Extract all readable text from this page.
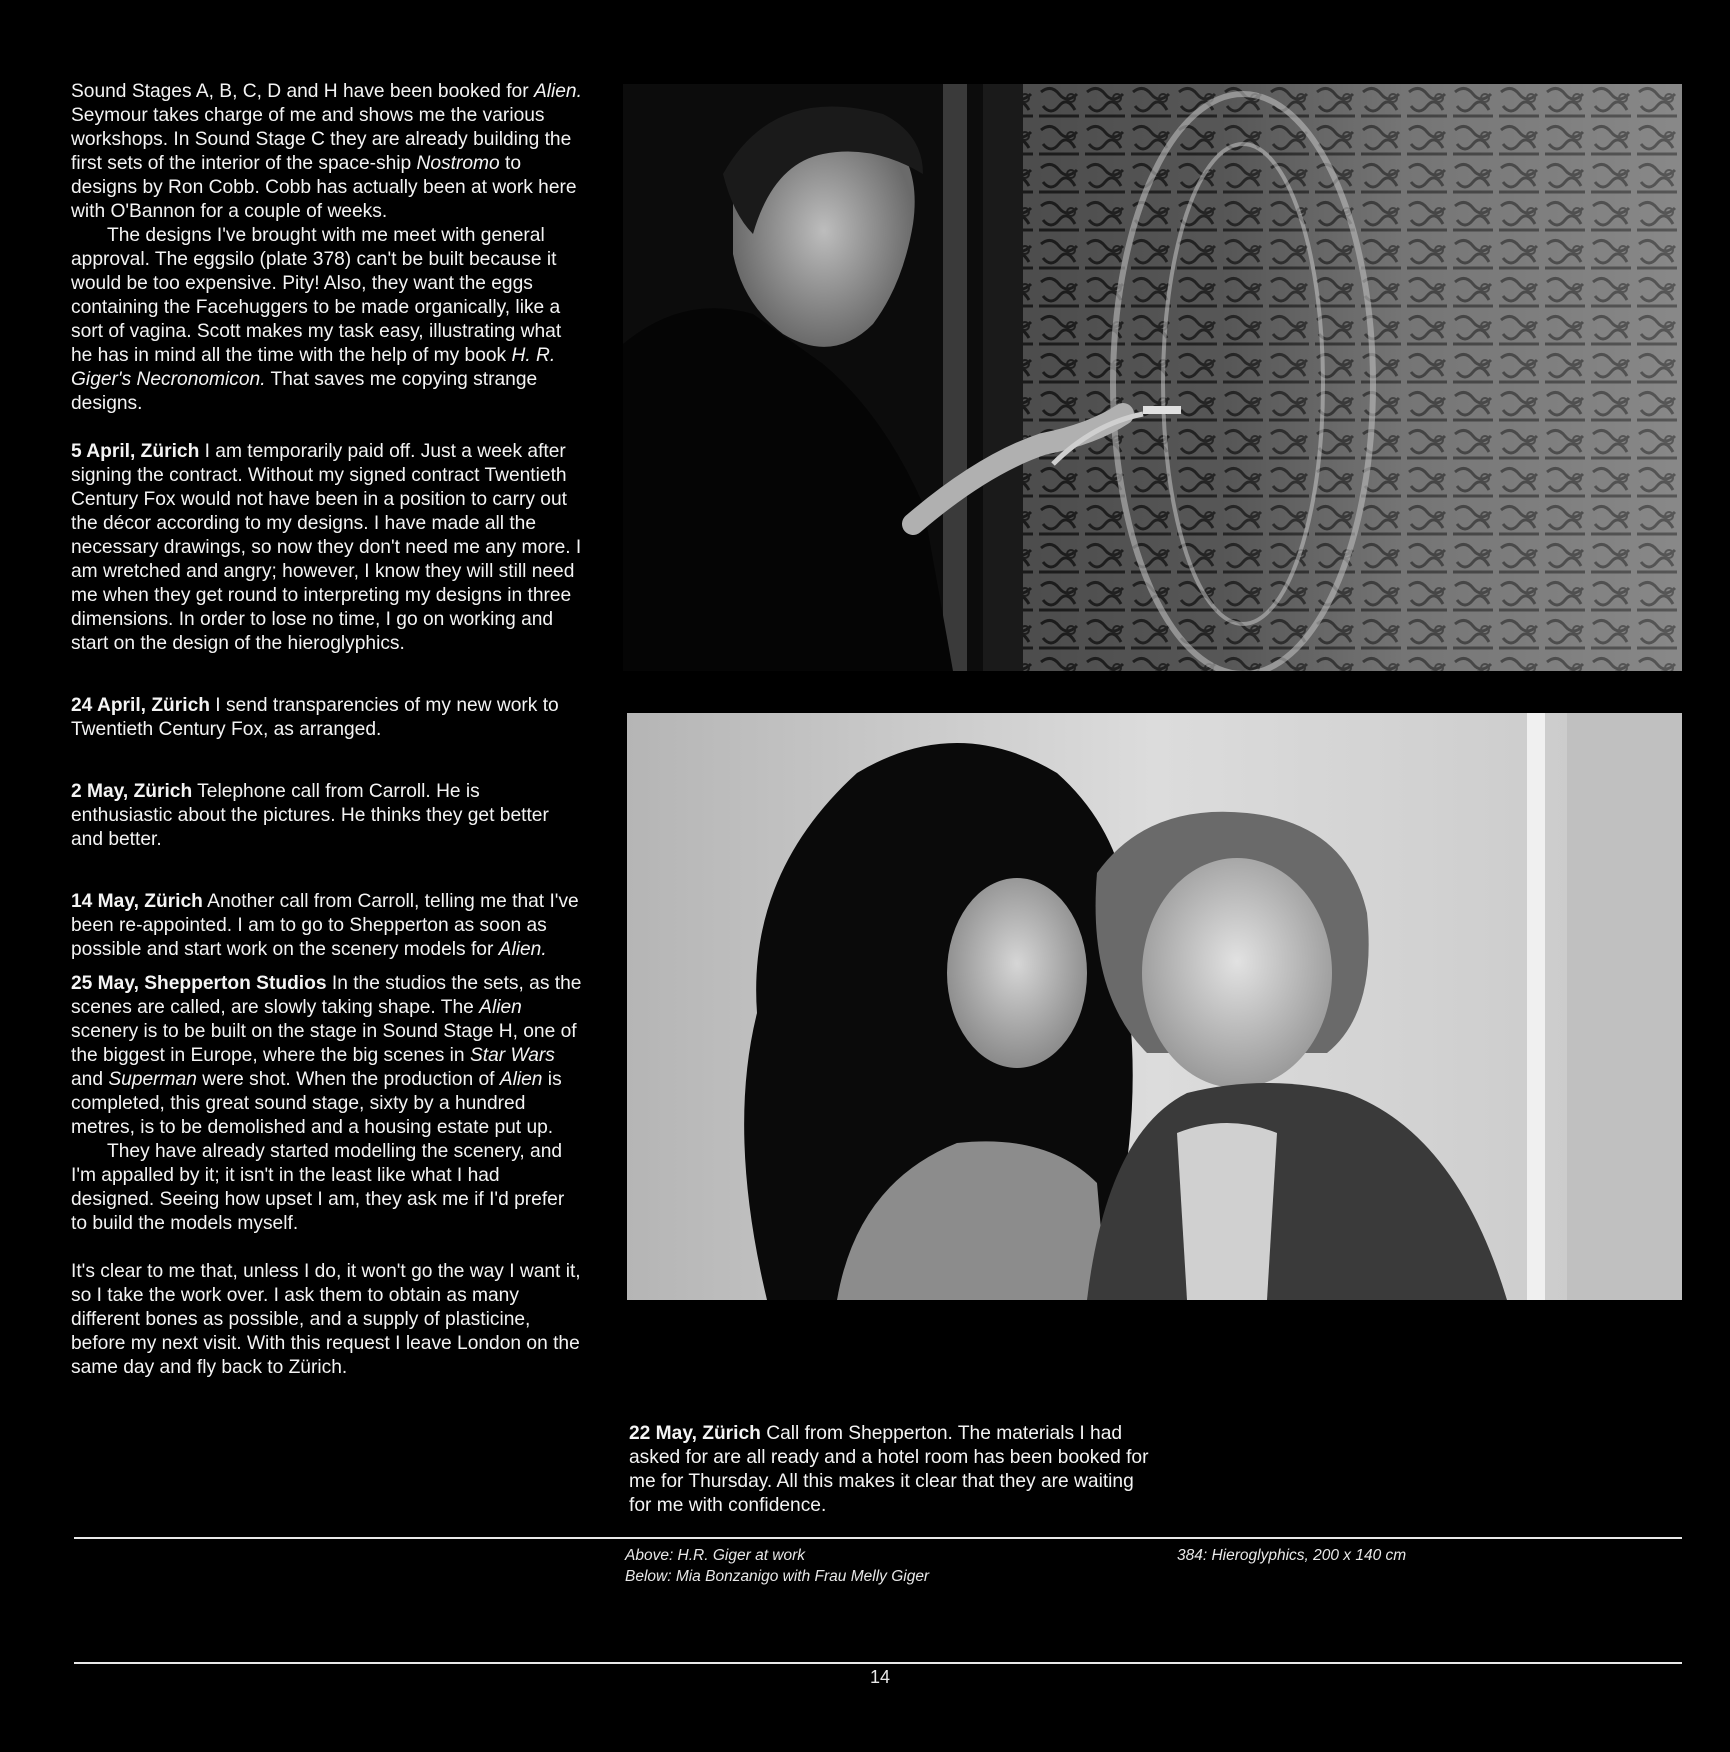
Sound Stages A, B, C, D and H have been booked for Alien. Seymour takes charge of me and shows me the various workshops. In Sound Stage C they are already building the first sets of the interior of the space-ship Nostromo to designs by Ron Cobb. Cobb has actually been at work here with O'Bannon for a couple of weeks.

The designs I've brought with me meet with general approval. The eggsilo (plate 378) can't be built because it would be too expensive. Pity! Also, they want the eggs containing the Facehuggers to be made organically, like a sort of vagina. Scott makes my task easy, illustrating what he has in mind all the time with the help of my book H. R. Giger's Necronomicon. That saves me copying strange designs.

5 April, Zürich I am temporarily paid off. Just a week after signing the contract. Without my signed contract Twentieth Century Fox would not have been in a position to carry out the décor according to my designs. I have made all the necessary drawings, so now they don't need me any more. I am wretched and angry; however, I know they will still need me when they get round to interpreting my designs in three dimensions. In order to lose no time, I go on working and start on the design of the hieroglyphics.

24 April, Zürich I send transparencies of my new work to Twentieth Century Fox, as arranged.

2 May, Zürich Telephone call from Carroll. He is enthusiastic about the pictures. He thinks they get better and better.

14 May, Zürich Another call from Carroll, telling me that I've been re-appointed. I am to go to Shepperton as soon as possible and start work on the scenery models for Alien.

25 May, Shepperton Studios In the studios the sets, as the scenes are called, are slowly taking shape. The Alien scenery is to be built on the stage in Sound Stage H, one of the biggest in Europe, where the big scenes in Star Wars and Superman were shot. When the production of Alien is completed, this great sound stage, sixty by a hundred metres, is to be demolished and a housing estate put up.

They have already started modelling the scenery, and I'm appalled by it; it isn't in the least like what I had designed. Seeing how upset I am, they ask me if I'd prefer to build the models myself.

It's clear to me that, unless I do, it won't go the way I want it, so I take the work over. I ask them to obtain as many different bones as possible, and a supply of plasticine, before my next visit. With this request I leave London on the same day and fly back to Zürich.

22 May, Zürich Call from Shepperton. The materials I had asked for are all ready and a hotel room has been booked for me for Thursday. All this makes it clear that they are waiting for me with confidence.

Above: H.R. Giger at work
Below: Mia Bonzanigo with Frau Melly Giger
384: Hieroglyphics, 200 x 140 cm
14
